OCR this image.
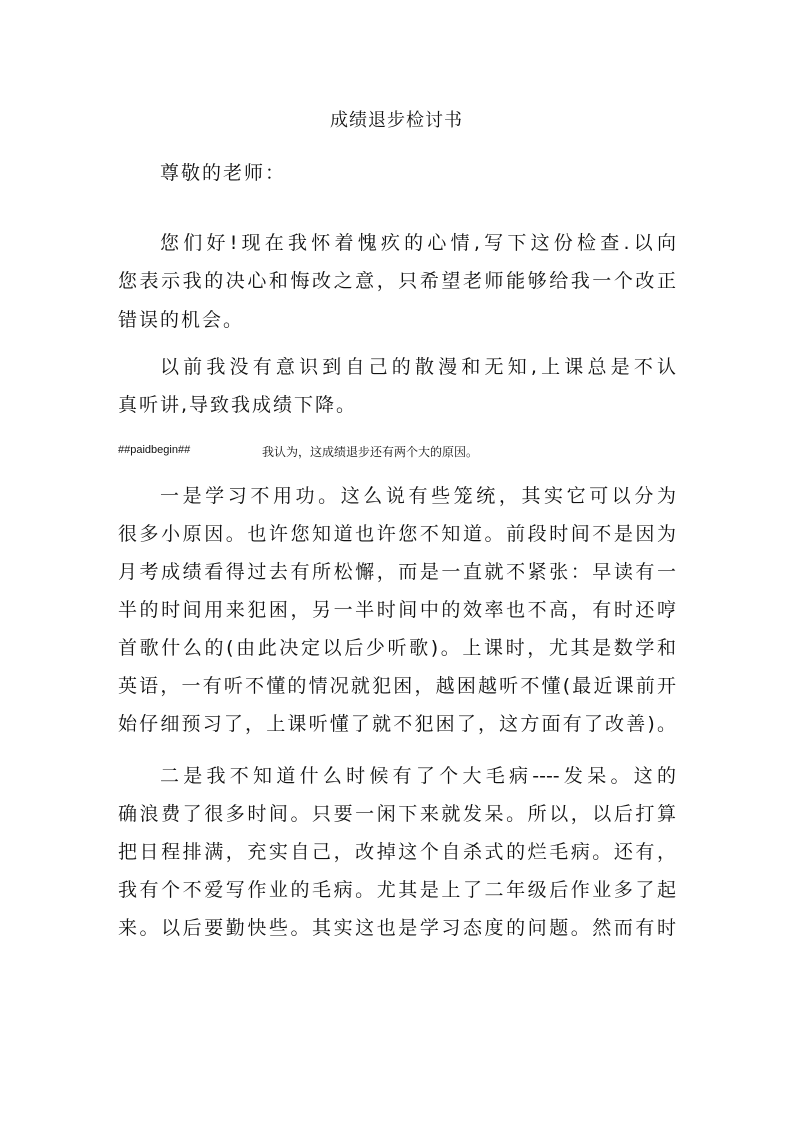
成绩退步检讨书
尊敬的老师：
您们好!现在我怀着愧疚的心情,写下这份检查.以向
您表示我的决心和悔改之意，只希望老师能够给我一个改正
错误的机会。
以前我没有意识到自己的散漫和无知,上课总是不认
真听讲,导致我成绩下降。
##paidbegin##	我认为，这成绩退步还有两个大的原因。
一是学习不用功。这么说有些笼统，其实它可以分为
很多小原因。也许您知道也许您不知道。前段时间不是因为
月考成绩看得过去有所松懈，而是一直就不紧张：早读有一
半的时间用来犯困，另一半时间中的效率也不高，有时还哼
首歌什么的(由此决定以后少听歌)。上课时，尤其是数学和
英语，一有听不懂的情况就犯困，越困越听不懂(最近课前开
始仔细预习了，上课听懂了就不犯困了，这方面有了改善)。
二是我不知道什么时候有了个大毛病----发呆。这的
确浪费了很多时间。只要一闲下来就发呆。所以，以后打算
把日程排满，充实自己，改掉这个自杀式的烂毛病。还有，
我有个不爱写作业的毛病。尤其是上了二年级后作业多了起
来。以后要勤快些。其实这也是学习态度的问题。然而有时
